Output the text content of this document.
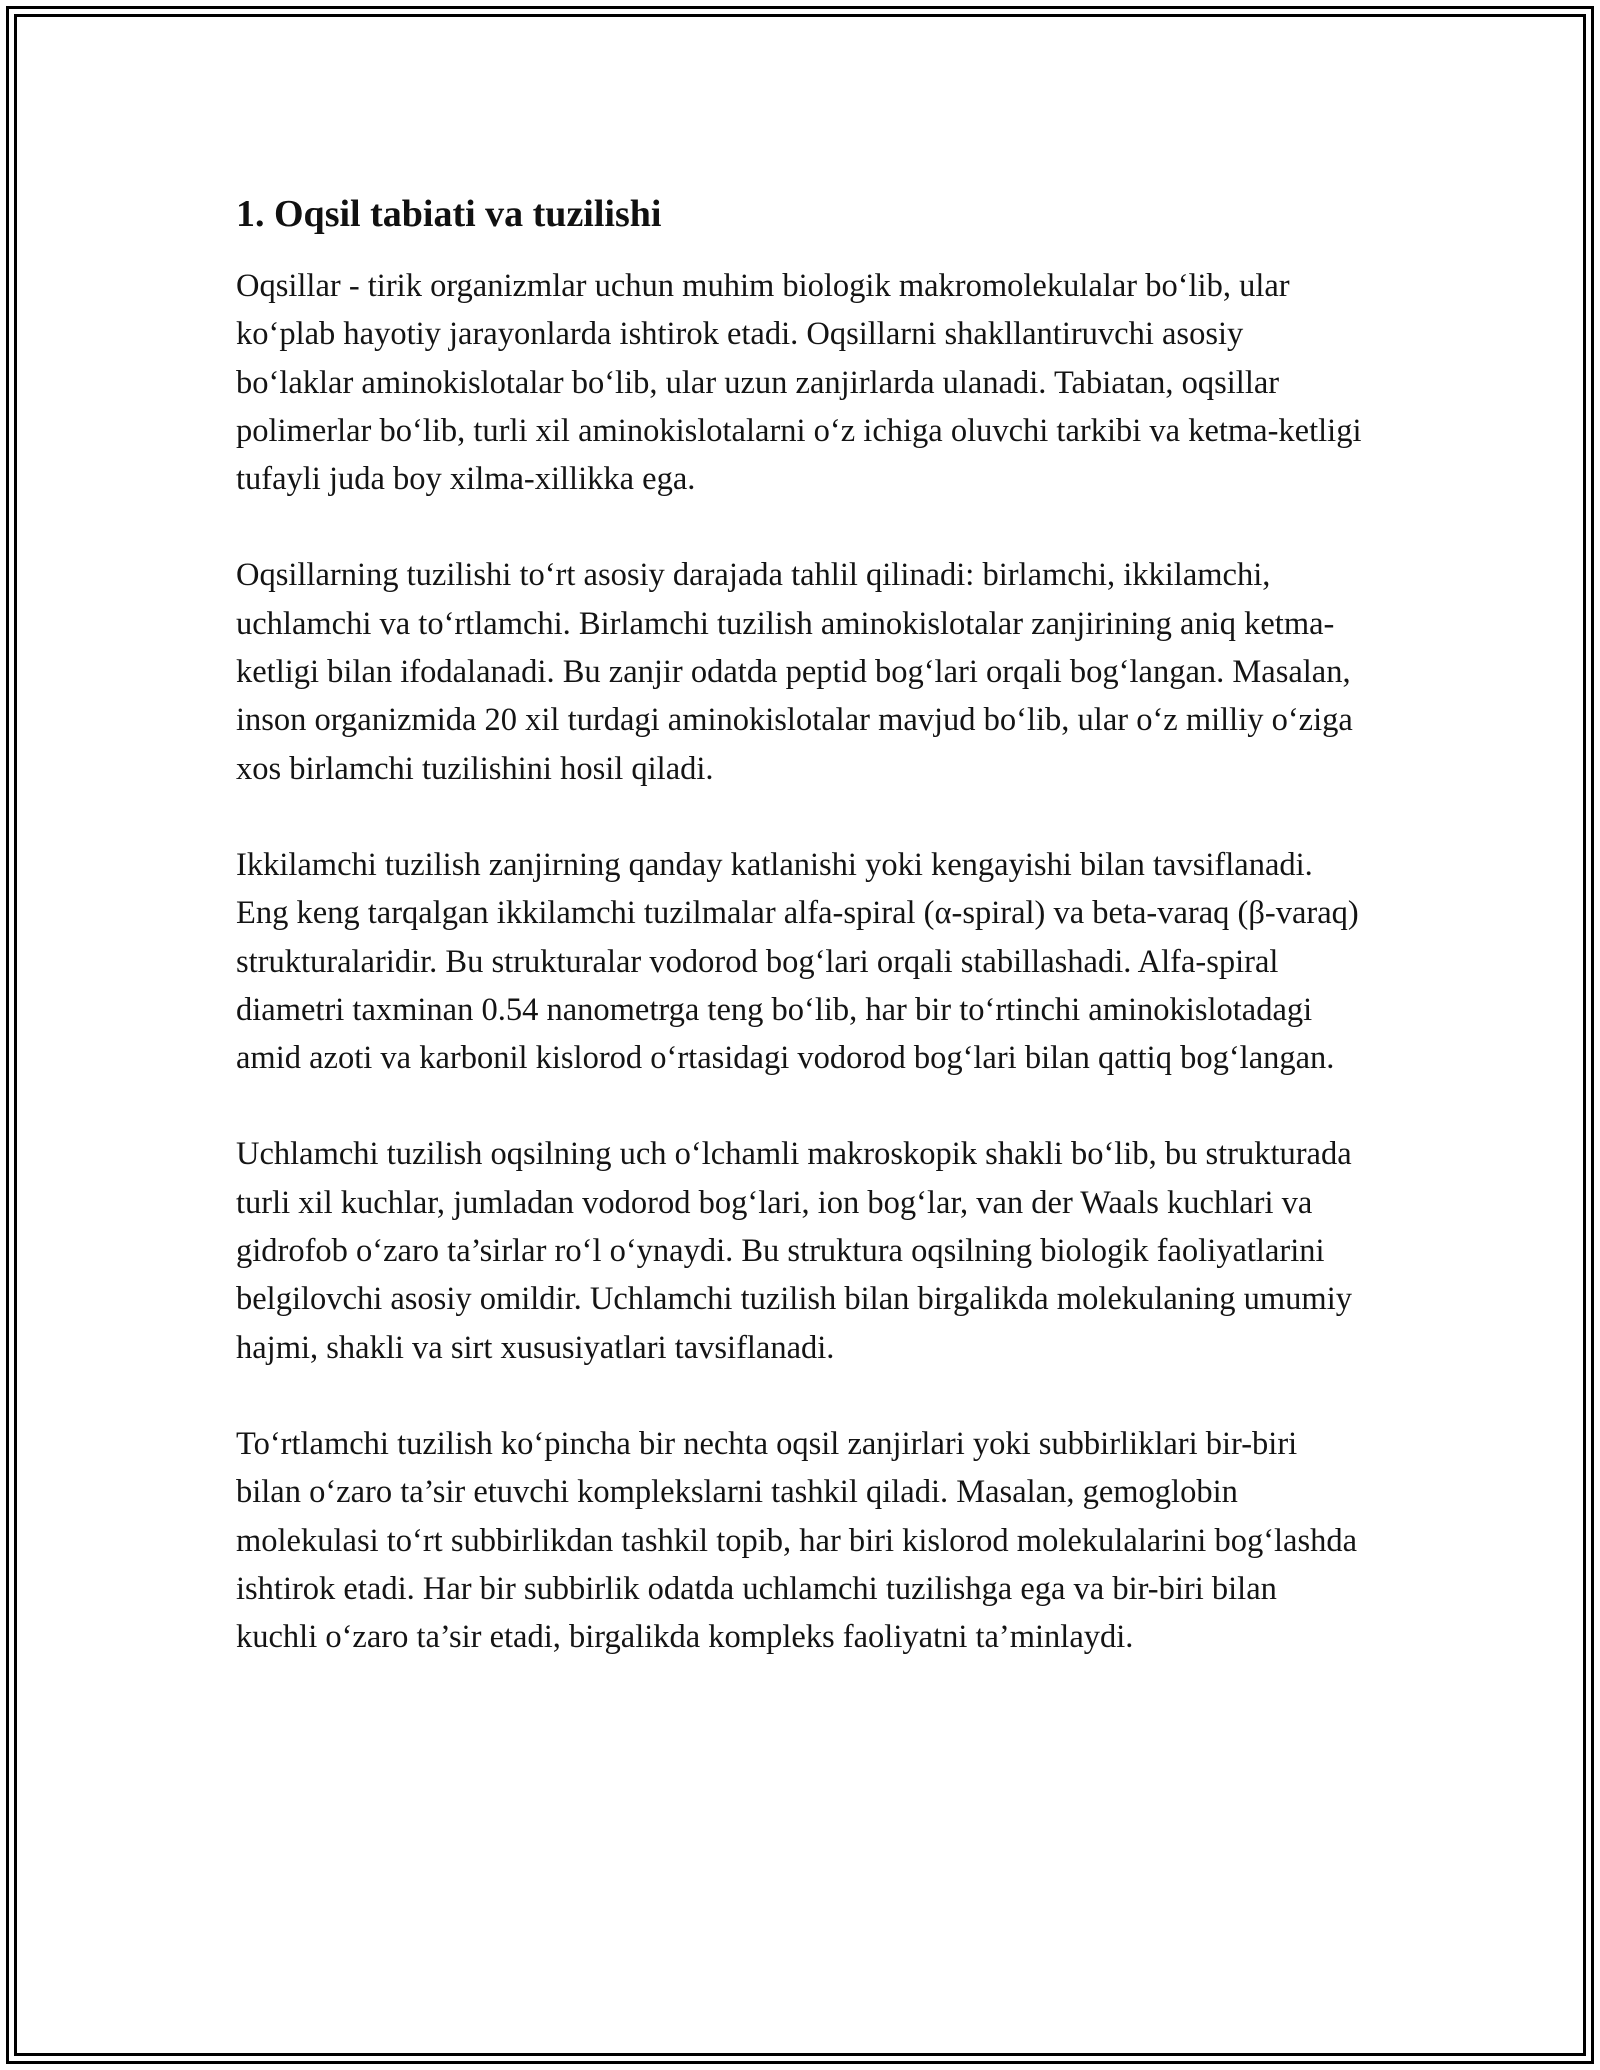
1. Oqsil tabiati va tuzilishi

Oqsillar - tirik organizmlar uchun muhim biologik makromolekulalar bo‘lib, ular ko‘plab hayotiy jarayonlarda ishtirok etadi. Oqsillarni shakllantiruvchi asosiy bo‘laklar aminokislotalar bo‘lib, ular uzun zanjirlarda ulanadi. Tabiatan, oqsillar polimerlar bo‘lib, turli xil aminokislotalarni o‘z ichiga oluvchi tarkibi va ketma-ketligi tufayli juda boy xilma-xillikka ega.

Oqsillarning tuzilishi to‘rt asosiy darajada tahlil qilinadi: birlamchi, ikkilamchi, uchlamchi va to‘rtlamchi. Birlamchi tuzilish aminokislotalar zanjirining aniq ketma-ketligi bilan ifodalanadi. Bu zanjir odatda peptid bog‘lari orqali bog‘langan. Masalan, inson organizmida 20 xil turdagi aminokislotalar mavjud bo‘lib, ular o‘z milliy o‘ziga xos birlamchi tuzilishini hosil qiladi.

Ikkilamchi tuzilish zanjirning qanday katlanishi yoki kengayishi bilan tavsiflanadi. Eng keng tarqalgan ikkilamchi tuzilmalar alfa-spiral (α-spiral) va beta-varaq (β-varaq) strukturalaridir. Bu strukturalar vodorod bog‘lari orqali stabillashadi. Alfa-spiral diametri taxminan 0.54 nanometrga teng bo‘lib, har bir to‘rtinchi aminokislotadagi amid azoti va karbonil kislorod o‘rtasidagi vodorod bog‘lari bilan qattiq bog‘langan.

Uchlamchi tuzilish oqsilning uch o‘lchamli makroskopik shakli bo‘lib, bu strukturada turli xil kuchlar, jumladan vodorod bog‘lari, ion bog‘lar, van der Waals kuchlari va gidrofob o‘zaro ta’sirlar ro‘l o‘ynaydi. Bu struktura oqsilning biologik faoliyatlarini belgilovchi asosiy omildir. Uchlamchi tuzilish bilan birgalikda molekulaning umumiy hajmi, shakli va sirt xususiyatlari tavsiflanadi.

To‘rtlamchi tuzilish ko‘pincha bir nechta oqsil zanjirlari yoki subbirliklari bir-biri bilan o‘zaro ta’sir etuvchi komplekslarni tashkil qiladi. Masalan, gemoglobin molekulasi to‘rt subbirlikdan tashkil topib, har biri kislorod molekulalarini bog‘lashda ishtirok etadi. Har bir subbirlik odatda uchlamchi tuzilishga ega va bir-biri bilan kuchli o‘zaro ta’sir etadi, birgalikda kompleks faoliyatni ta’minlaydi.
